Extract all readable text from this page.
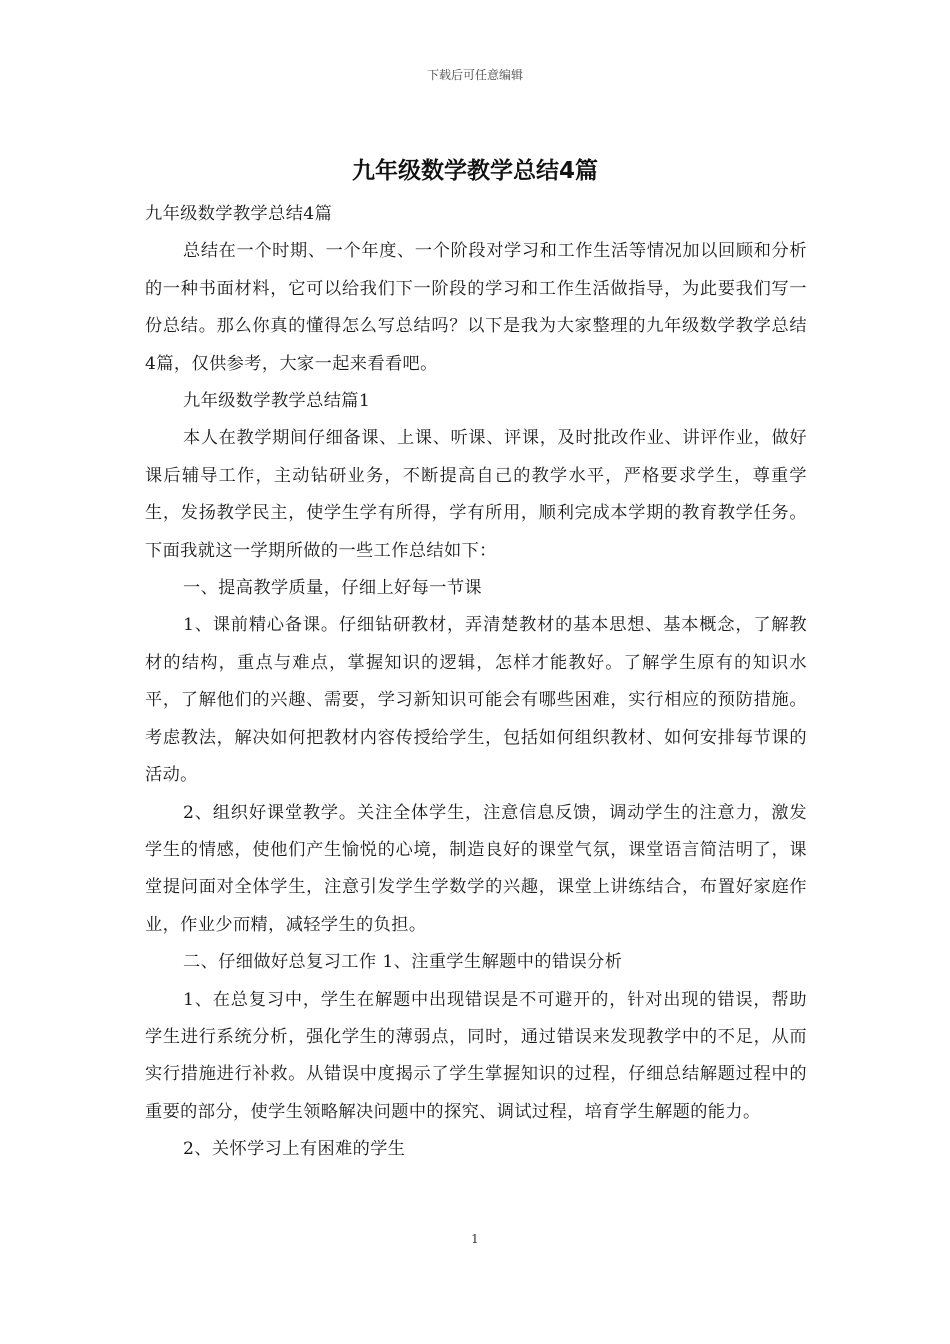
下载后可任意编辑
九年级数学教学总结4篇

九年级数学教学总结4篇

总结在一个时期、一个年度、一个阶段对学习和工作生活等情况加以回顾和分析的一种书面材料，它可以给我们下一阶段的学习和工作生活做指导，为此要我们写一份总结。那么你真的懂得怎么写总结吗？以下是我为大家整理的九年级数学教学总结4篇，仅供参考，大家一起来看看吧。

九年级数学教学总结篇1

本人在教学期间仔细备课、上课、听课、评课，及时批改作业、讲评作业，做好课后辅导工作，主动钻研业务，不断提高自己的教学水平，严格要求学生，尊重学生，发扬教学民主，使学生学有所得，学有所用，顺利完成本学期的教育教学任务。下面我就这一学期所做的一些工作总结如下：

一、提高教学质量，仔细上好每一节课

1、课前精心备课。仔细钻研教材，弄清楚教材的基本思想、基本概念，了解教材的结构，重点与难点，掌握知识的逻辑，怎样才能教好。了解学生原有的知识水平，了解他们的兴趣、需要，学习新知识可能会有哪些困难，实行相应的预防措施。考虑教法，解决如何把教材内容传授给学生，包括如何组织教材、如何安排每节课的活动。

2、组织好课堂教学。关注全体学生，注意信息反馈，调动学生的注意力，激发学生的情感，使他们产生愉悦的心境，制造良好的课堂气氛，课堂语言简洁明了，课堂提问面对全体学生，注意引发学生学数学的兴趣，课堂上讲练结合，布置好家庭作业，作业少而精，减轻学生的负担。

二、仔细做好总复习工作 1、注重学生解题中的错误分析

1、在总复习中，学生在解题中出现错误是不可避开的，针对出现的错误，帮助学生进行系统分析，强化学生的薄弱点，同时，通过错误来发现教学中的不足，从而实行措施进行补救。从错误中度揭示了学生掌握知识的过程，仔细总结解题过程中的重要的部分，使学生领略解决问题中的探究、调试过程，培育学生解题的能力。

2、关怀学习上有困难的学生

1
